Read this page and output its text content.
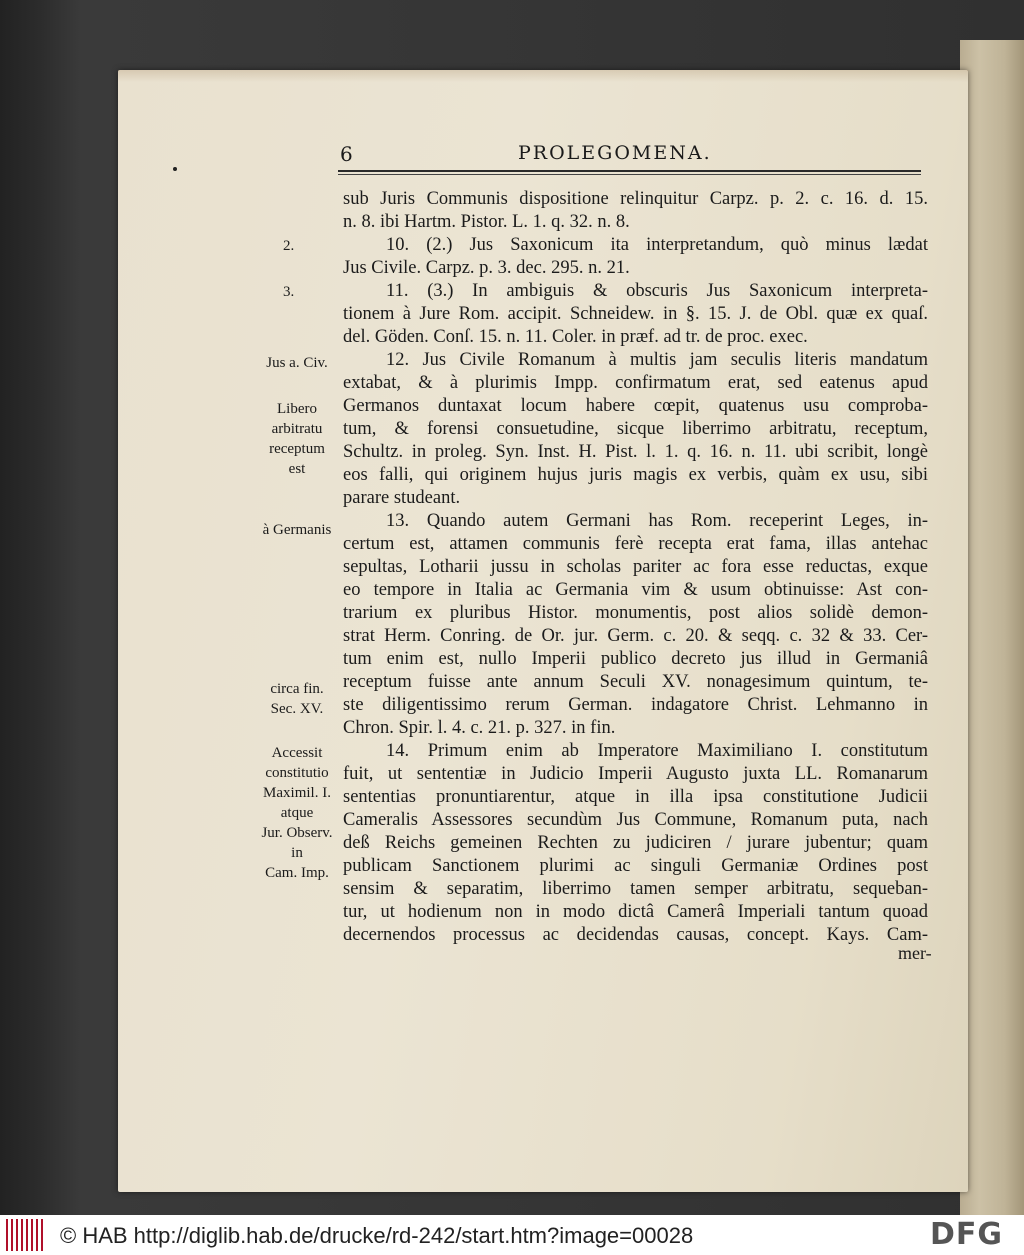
6	PROLEGOMENA.
sub Juris Communis dispositione relinquitur Carpz. p. 2. c. 16. d. 15.
n. 8. ibi Hartm. Pistor. L. 1. q. 32. n. 8.
10. (2.) Jus Saxonicum ita interpretandum, quò minus lædat
Jus Civile. Carpz. p. 3. dec. 295. n. 21.
11. (3.) In ambiguis & obscuris Jus Saxonicum interpreta-
tionem à Jure Rom. accipit. Schneidew. in §. 15. J. de Obl. quæ ex quaſ.
del. Göden. Conſ. 15. n. 11. Coler. in præf. ad tr. de proc. exec.
12. Jus Civile Romanum à multis jam seculis literis mandatum
extabat, & à plurimis Impp. confirmatum erat, sed eatenus apud
Germanos duntaxat locum habere cœpit, quatenus usu comproba-
tum, & forensi consuetudine, sicque liberrimo arbitratu, receptum,
Schultz. in proleg. Syn. Inst. H. Pist. l. 1. q. 16. n. 11. ubi scribit, longè
eos falli, qui originem hujus juris magis ex verbis, quàm ex usu, sibi
parare studeant.
13. Quando autem Germani has Rom. receperint Leges, in-
certum est, attamen communis ferè recepta erat fama, illas antehac
sepultas, Lotharii jussu in scholas pariter ac fora esse reductas, exque
eo tempore in Italia ac Germania vim & usum obtinuisse: Ast con-
trarium ex pluribus Histor. monumentis, post alios solidè demon-
strat Herm. Conring. de Or. jur. Germ. c. 20. & seqq. c. 32 & 33. Cer-
tum enim est, nullo Imperii publico decreto jus illud in Germaniâ
receptum fuisse ante annum Seculi XV. nonagesimum quintum, te-
ste diligentissimo rerum German. indagatore Christ. Lehmanno in
Chron. Spir. l. 4. c. 21. p. 327. in fin.
14. Primum enim ab Imperatore Maximiliano I. constitutum
fuit, ut sententiæ in Judicio Imperii Augusto juxta LL. Romanarum
sententias pronuntiarentur, atque in illa ipsa constitutione Judicii
Cameralis Assessores secundùm Jus Commune, Romanum puta, nach
deß Reichs gemeinen Rechten zu judiciren / jurare jubentur; quam
publicam Sanctionem plurimi ac singuli Germaniæ Ordines post
sensim & separatim, liberrimo tamen semper arbitratu, sequeban-
tur, ut hodienum non in modo dictâ Camerâ Imperiali tantum quoad
decernendos processus ac decidendas causas, concept. Kays. Cam-
mer-
2.
3.
Jus a. Civ.
Libero
arbitratu
receptum
est
à Germanis
circa fin.
Sec. XV.
Accessit
constitutio
Maximil. I.
atque
Jur. Observ.
in
Cam. Imp.
© HAB http://diglib.hab.de/drucke/rd-242/start.htm?image=00028	DFG
